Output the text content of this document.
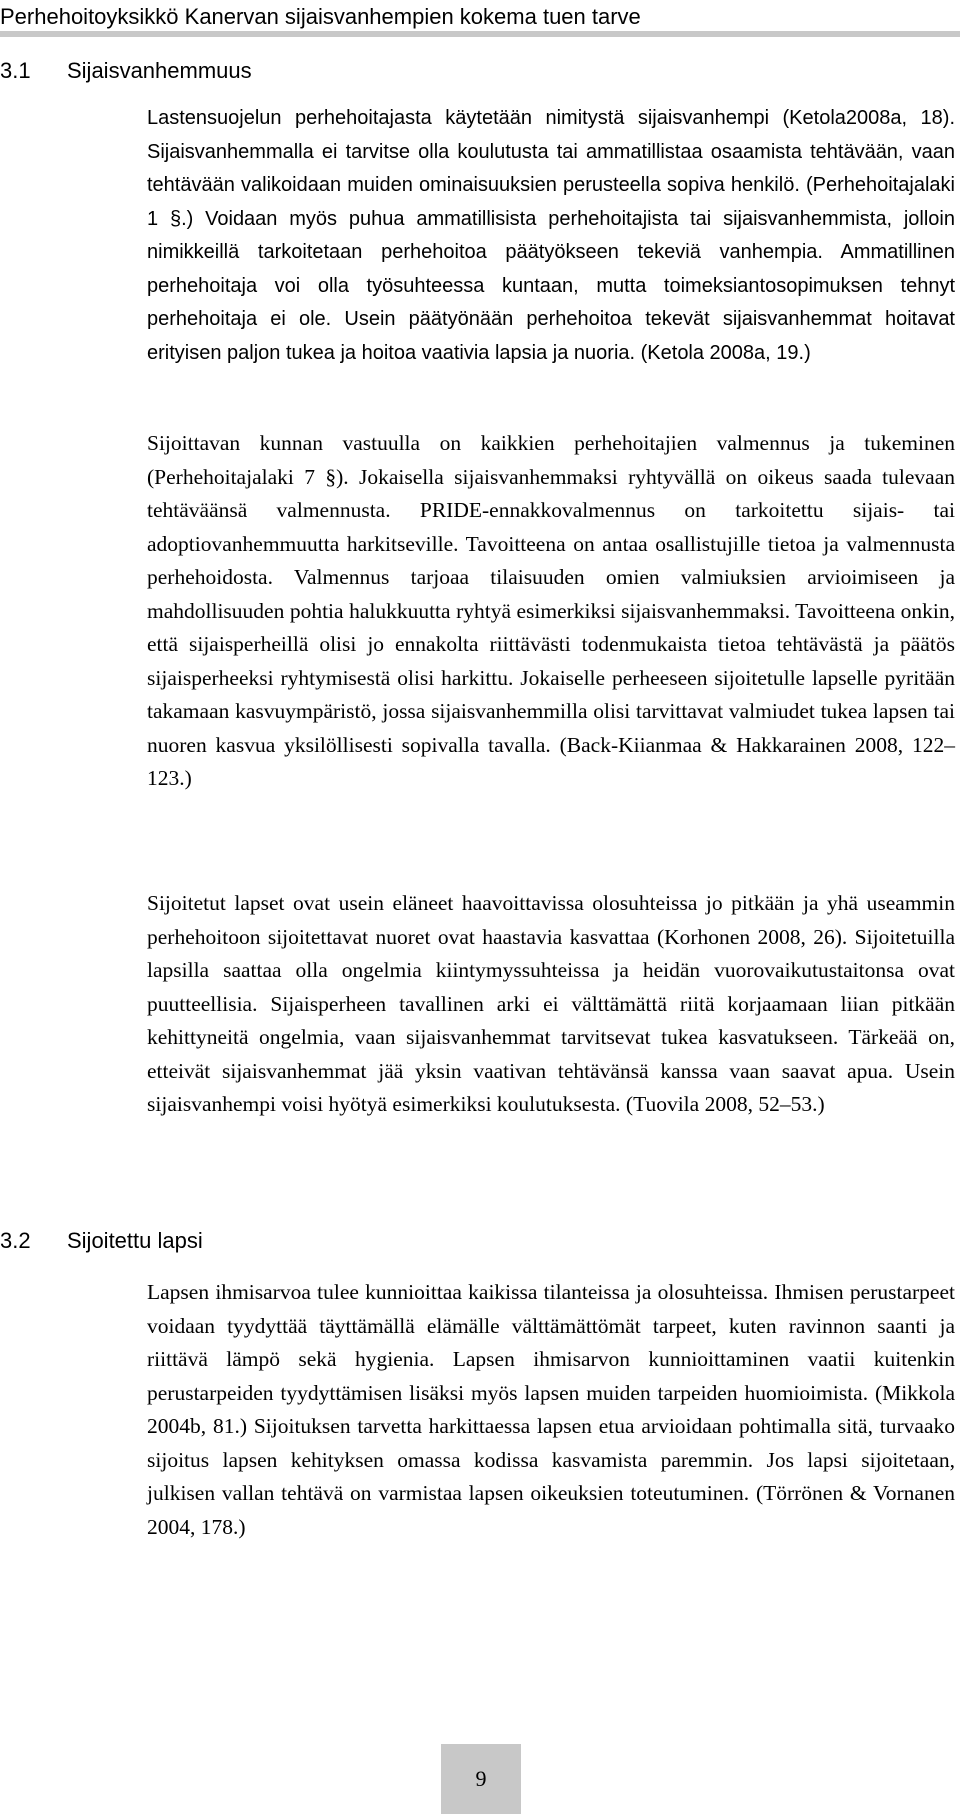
Perhehoitoyksikkö Kanervan sijaisvanhempien kokema tuen tarve
3.1 Sijaisvanhemmuus

Lastensuojelun perhehoitajasta käytetään nimitystä sijaisvanhempi (Ketola2008a, 18). Sijaisvanhemmalla ei tarvitse olla koulutusta tai ammatillistaa osaamista tehtävään, vaan tehtävään valikoidaan muiden ominaisuuksien perusteella sopiva henkilö. (Perhehoitajalaki 1 §.) Voidaan myös puhua ammatillisista perhehoitajista tai sijaisvanhemmista, jolloin nimikkeillä tarkoitetaan perhehoitoa päätyökseen tekeviä vanhempia. Ammatillinen perhehoitaja voi olla työsuhteessa kuntaan, mutta toimeksiantosopimuksen tehnyt perhehoitaja ei ole. Usein päätyönään perhehoitoa tekevät sijaisvanhemmat hoitavat erityisen paljon tukea ja hoitoa vaativia lapsia ja nuoria. (Ketola 2008a, 19.)

Sijoittavan kunnan vastuulla on kaikkien perhehoitajien valmennus ja tukeminen (Perhehoitajalaki 7 §). Jokaisella sijaisvanhemmaksi ryhtyvällä on oikeus saada tulevaan tehtäväänsä valmennusta. PRIDE-ennakkovalmennus on tarkoitettu sijais- tai adoptiovanhemmuutta harkitseville. Tavoitteena on antaa osallistujille tietoa ja valmennusta perhehoidosta. Valmennus tarjoaa tilaisuuden omien valmiuksien arvioimiseen ja mahdollisuuden pohtia halukkuutta ryhtyä esimerkiksi sijaisvanhemmaksi. Tavoitteena onkin, että sijaisperheillä olisi jo ennakolta riittävästi todenmukaista tietoa tehtävästä ja päätös sijaisperheeksi ryhtymisestä olisi harkittu. Jokaiselle perheeseen sijoitetulle lapselle pyritään takamaan kasvuympäristö, jossa sijaisvanhemmilla olisi tarvittavat valmiudet tukea lapsen tai nuoren kasvua yksilöllisesti sopivalla tavalla. (Back-Kiianmaa & Hakkarainen 2008, 122–123.)

Sijoitetut lapset ovat usein eläneet haavoittavissa olosuhteissa jo pitkään ja yhä useammin perhehoitoon sijoitettavat nuoret ovat haastavia kasvattaa (Korhonen 2008, 26). Sijoitetuilla lapsilla saattaa olla ongelmia kiintymyssuhteissa ja heidän vuorovaikutustaitonsa ovat puutteellisia. Sijaisperheen tavallinen arki ei välttämättä riitä korjaamaan liian pitkään kehittyneitä ongelmia, vaan sijaisvanhemmat tarvitsevat tukea kasvatukseen. Tärkeää on, etteivät sijaisvanhemmat jää yksin vaativan tehtävänsä kanssa vaan saavat apua. Usein sijaisvanhempi voisi hyötyä esimerkiksi koulutuksesta. (Tuovila 2008, 52–53.)

3.2 Sijoitettu lapsi

Lapsen ihmisarvoa tulee kunnioittaa kaikissa tilanteissa ja olosuhteissa. Ihmisen perustarpeet voidaan tyydyttää täyttämällä elämälle välttämättömät tarpeet, kuten ravinnon saanti ja riittävä lämpö sekä hygienia. Lapsen ihmisarvon kunnioittaminen vaatii kuitenkin perustarpeiden tyydyttämisen lisäksi myös lapsen muiden tarpeiden huomioimista. (Mikkola 2004b, 81.) Sijoituksen tarvetta harkittaessa lapsen etua arvioidaan pohtimalla sitä, turvaako sijoitus lapsen kehityksen omassa kodissa kasvamista paremmin. Jos lapsi sijoitetaan, julkisen vallan tehtävä on varmistaa lapsen oikeuksien toteutuminen. (Törrönen & Vornanen 2004, 178.)

9
